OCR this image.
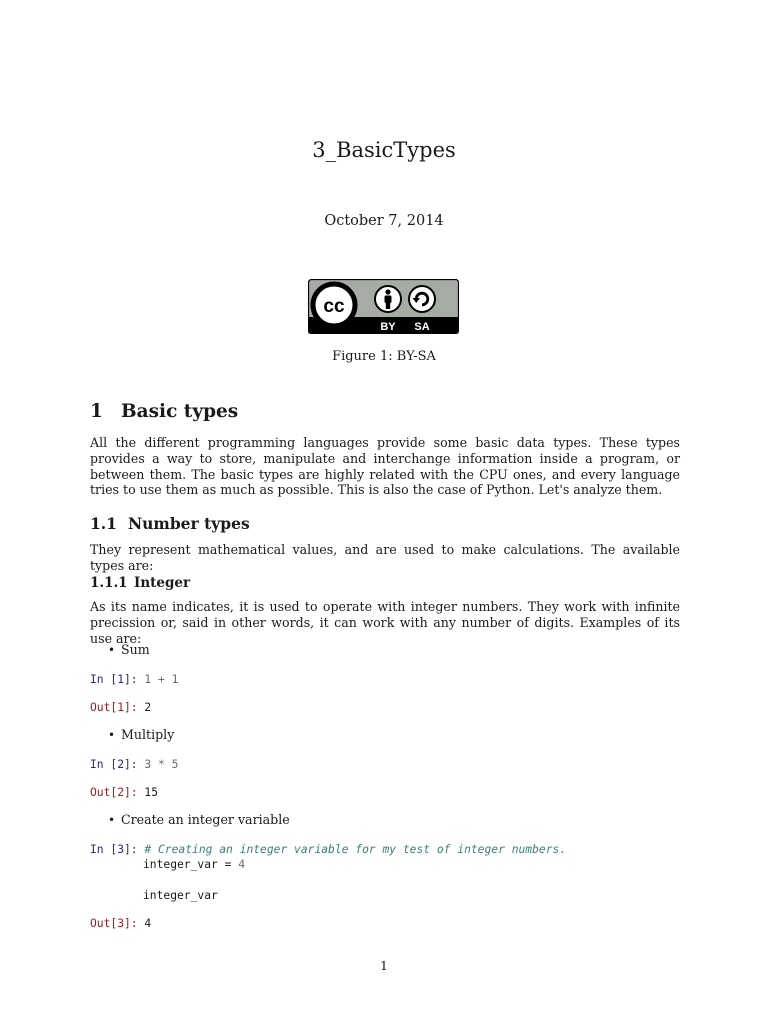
3_BasicTypes
October 7, 2014
cc
BY SA
Figure 1: BY-SA
1 Basic types

All the different programming languages provide some basic data types. These types provides a way to store, manipulate and interchange information inside a program, or between them. The basic types are highly related with the CPU ones, and every language tries to use them as much as possible. This is also the case of Python. Let's analyze them.

1.1 Number types

They represent mathematical values, and are used to make calculations. The available types are:

1.1.1 Integer

As its name indicates, it is used to operate with integer numbers. They work with infinite precission or, said in other words, it can work with any number of digits. Examples of its use are:

• Sum
In [1]: 1 + 1
Out[1]: 2
• Multiply
In [2]: 3 * 5
Out[2]: 15
• Create an integer variable
In [3]: # Creating an integer variable for my test of integer numbers.
integer_var = 4
integer_var
Out[3]: 4
1
